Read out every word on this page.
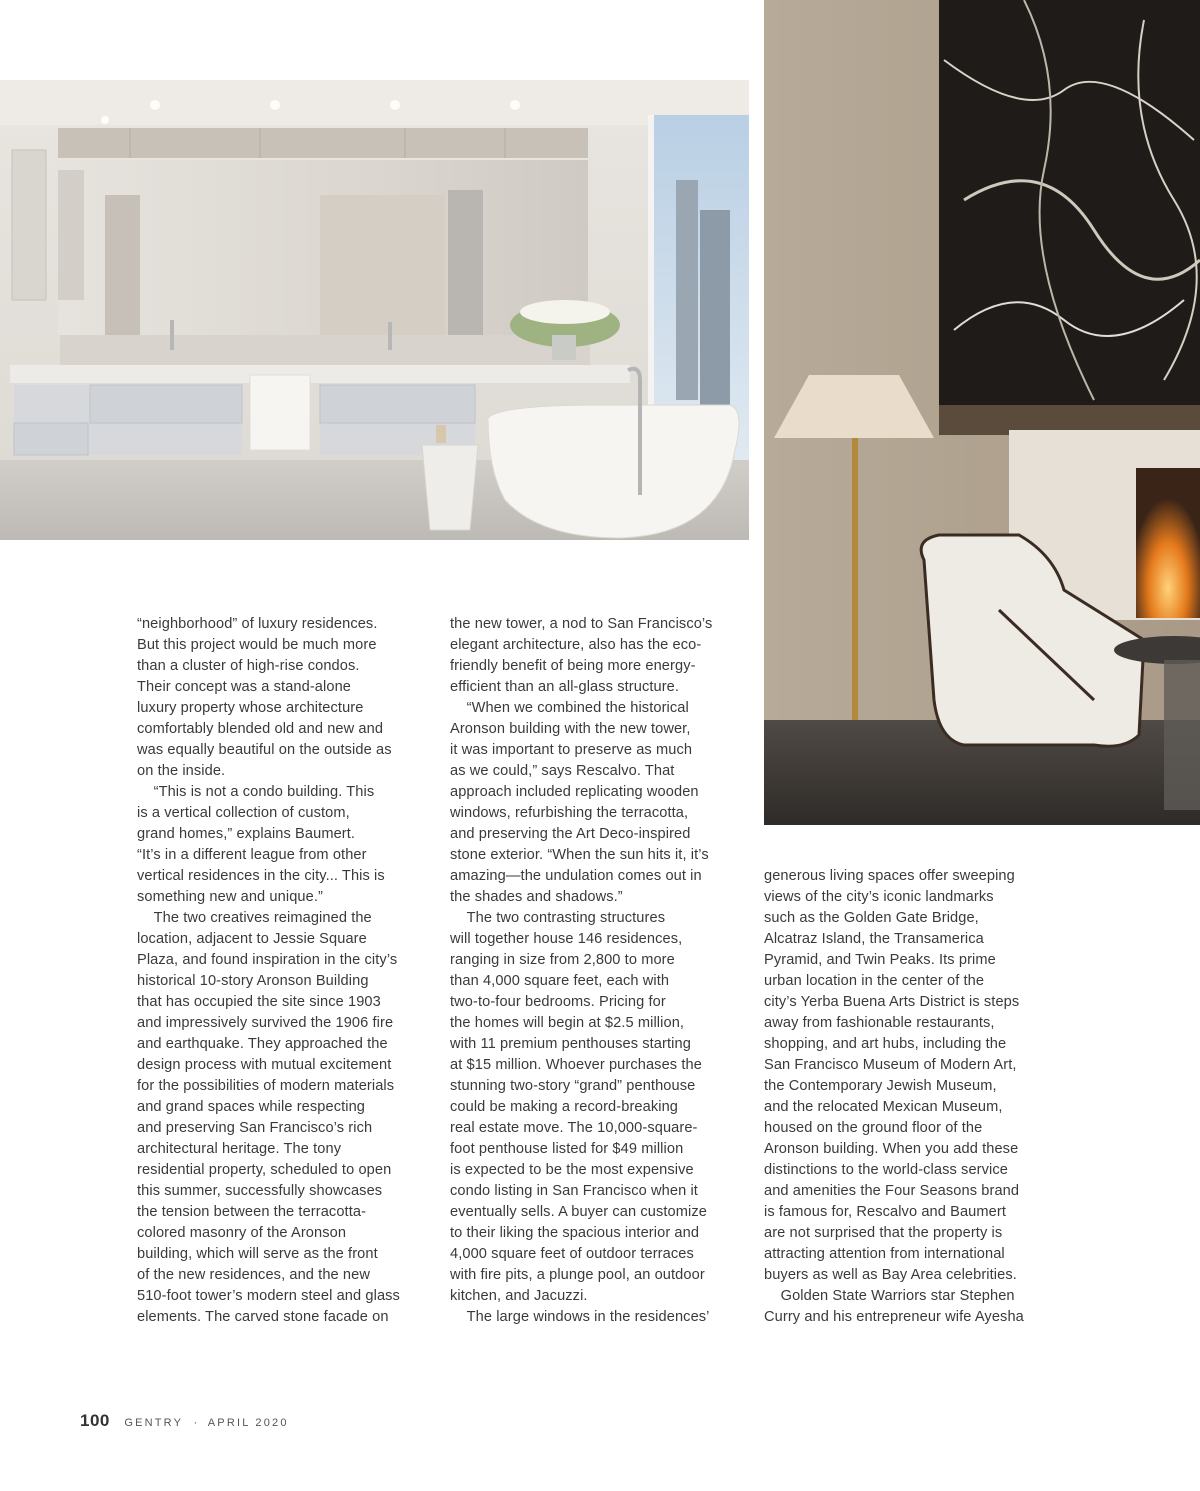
“neighborhood” of luxury residences.
But this project would be much more
than a cluster of high-rise condos.
Their concept was a stand-alone
luxury property whose architecture
comfortably blended old and new and
was equally beautiful on the outside as
on the inside.
“This is not a condo building. This
is a vertical collection of custom,
grand homes,” explains Baumert.
“It’s in a different league from other
vertical residences in the city... This is
something new and unique.”
The two creatives reimagined the
location, adjacent to Jessie Square
Plaza, and found inspiration in the city’s
historical 10-story Aronson Building
that has occupied the site since 1903
and impressively survived the 1906 fire
and earthquake. They approached the
design process with mutual excitement
for the possibilities of modern materials
and grand spaces while respecting
and preserving San Francisco’s rich
architectural heritage. The tony
residential property, scheduled to open
this summer, successfully showcases
the tension between the terracotta-
colored masonry of the Aronson
building, which will serve as the front
of the new residences, and the new
510-foot tower’s modern steel and glass
elements. The carved stone facade on

the new tower, a nod to San Francisco’s
elegant architecture, also has the eco-
friendly benefit of being more energy-
efficient than an all-glass structure.
“When we combined the historical
Aronson building with the new tower,
it was important to preserve as much
as we could,” says Rescalvo. That
approach included replicating wooden
windows, refurbishing the terracotta,
and preserving the Art Deco-inspired
stone exterior. “When the sun hits it, it’s
amazing—the undulation comes out in
the shades and shadows.”
The two contrasting structures
will together house 146 residences,
ranging in size from 2,800 to more
than 4,000 square feet, each with
two-to-four bedrooms. Pricing for
the homes will begin at $2.5 million,
with 11 premium penthouses starting
at $15 million. Whoever purchases the
stunning two-story “grand” penthouse
could be making a record-breaking
real estate move. The 10,000-square-
foot penthouse listed for $49 million
is expected to be the most expensive
condo listing in San Francisco when it
eventually sells. A buyer can customize
to their liking the spacious interior and
4,000 square feet of outdoor terraces
with fire pits, a plunge pool, an outdoor
kitchen, and Jacuzzi.
The large windows in the residences’

generous living spaces offer sweeping
views of the city’s iconic landmarks
such as the Golden Gate Bridge,
Alcatraz Island, the Transamerica
Pyramid, and Twin Peaks. Its prime
urban location in the center of the
city’s Yerba Buena Arts District is steps
away from fashionable restaurants,
shopping, and art hubs, including the
San Francisco Museum of Modern Art,
the Contemporary Jewish Museum,
and the relocated Mexican Museum,
housed on the ground floor of the
Aronson building. When you add these
distinctions to the world-class service
and amenities the Four Seasons brand
is famous for, Rescalvo and Baumert
are not surprised that the property is
attracting attention from international
buyers as well as Bay Area celebrities.
Golden State Warriors star Stephen
Curry and his entrepreneur wife Ayesha

100 GENTRY · APRIL 2020
